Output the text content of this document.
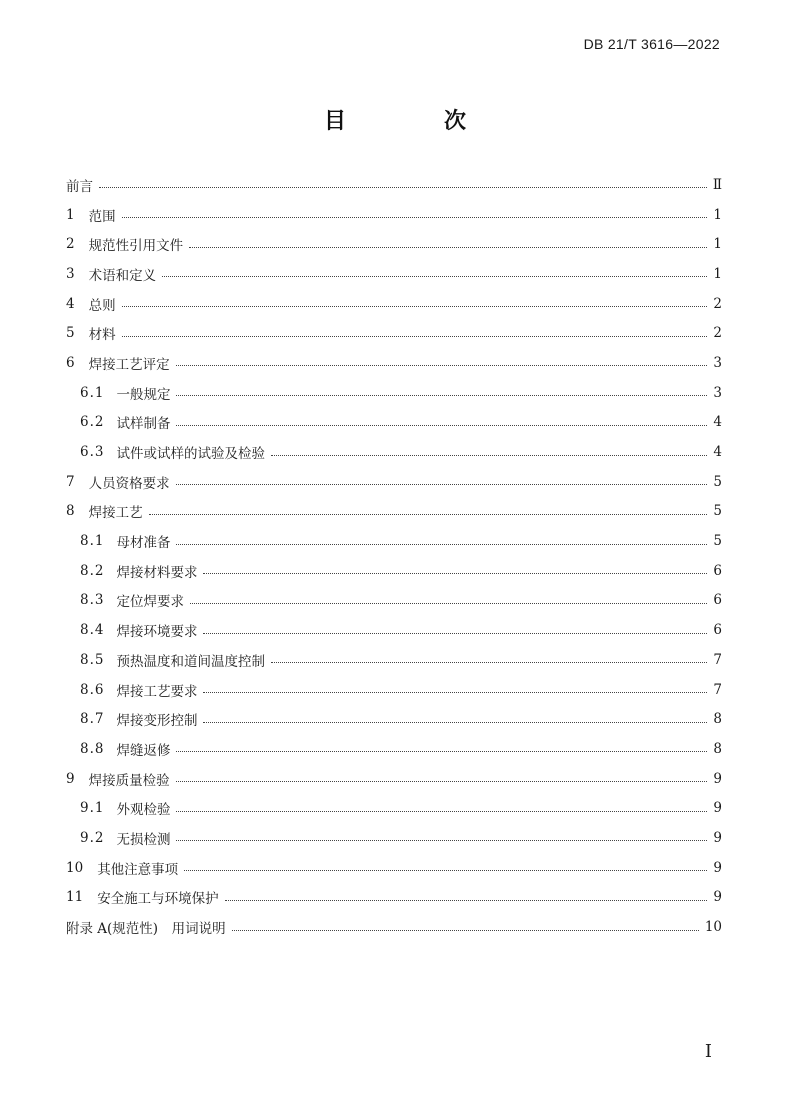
DB 21/T 3616—2022
目　次
前言	Ⅱ
1 范围	1
2 规范性引用文件	1
3 术语和定义	1
4 总则	2
5 材料	2
6 焊接工艺评定	3
6.1 一般规定	3
6.2 试样制备	4
6.3 试件或试样的试验及检验	4
7 人员资格要求	5
8 焊接工艺	5
8.1 母材准备	5
8.2 焊接材料要求	6
8.3 定位焊要求	6
8.4 焊接环境要求	6
8.5 预热温度和道间温度控制	7
8.6 焊接工艺要求	7
8.7 焊接变形控制	8
8.8 焊缝返修	8
9 焊接质量检验	9
9.1 外观检验	9
9.2 无损检测	9
10 其他注意事项	9
11 安全施工与环境保护	9
附录 A(规范性)　用词说明	10
I
